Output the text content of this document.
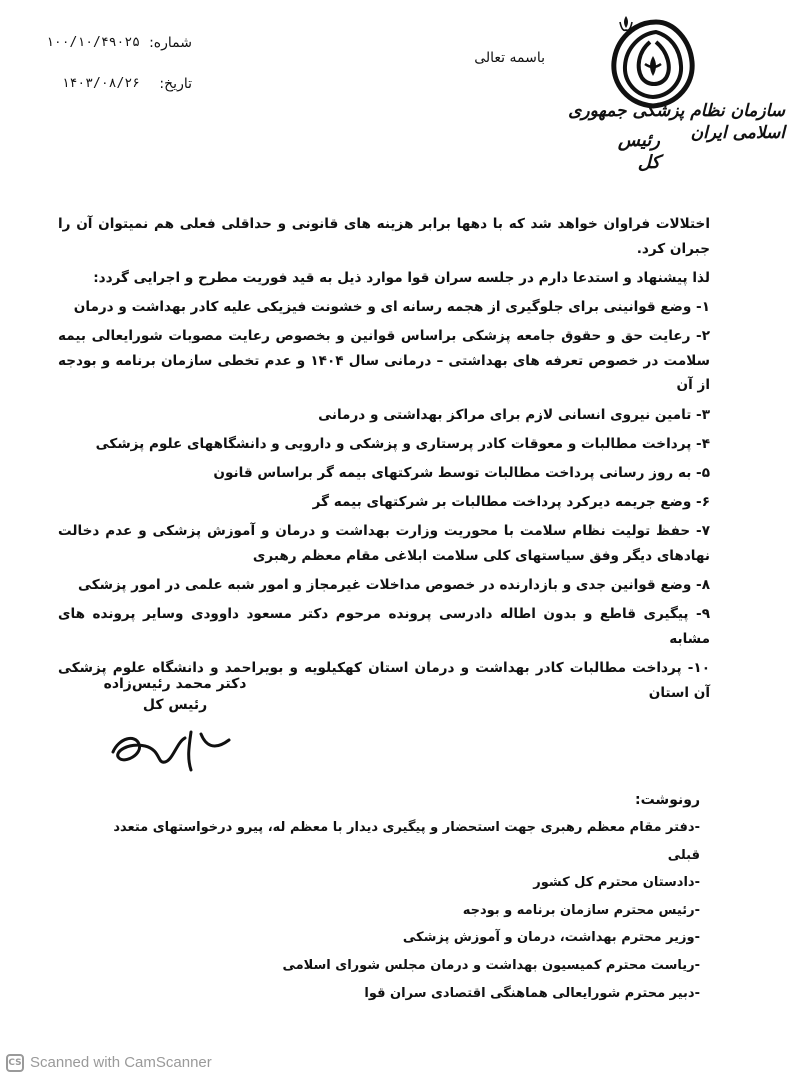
سازمان نظام پزشکی جمهوری اسلامی ایران
رئیس کل
باسمه تعالی
شماره:
۱۰۰/۱۰/۴۹۰۲۵
تاریخ:
۱۴۰۳/۰۸/۲۶

اختلالات فراوان خواهد شد که با دهها برابر هزینه های قانونی و حداقلی فعلی هم نمیتوان آن را جبران کرد.

لذا پیشنهاد و استدعا دارم در جلسه سران قوا موارد ذیل به قید فوریت مطرح و اجرایی گردد:

۱- وضع قوانینی برای جلوگیری از هجمه رسانه ای و خشونت فیزیکی علیه کادر بهداشت و درمان

۲- رعایت حق و حقوق جامعه پزشکی براساس قوانین و بخصوص رعایت مصوبات شورایعالی بیمه سلامت در خصوص تعرفه های بهداشتی – درمانی سال ۱۴۰۴ و عدم تخطی سازمان برنامه و بودجه از آن

۳- تامین نیروی انسانی لازم برای مراکز بهداشتی و درمانی

۴- پرداخت مطالبات و معوقات کادر پرستاری و پزشکی و دارویی و دانشگاههای علوم پزشکی

۵- به روز رسانی پرداخت مطالبات توسط شرکتهای بیمه گر براساس قانون

۶- وضع جریمه دیرکرد پرداخت مطالبات بر شرکتهای بیمه گر

۷- حفظ تولیت نظام سلامت با محوریت وزارت بهداشت و درمان و آموزش پزشکی و عدم دخالت نهادهای دیگر وفق سیاستهای کلی سلامت ابلاغی مقام معظم رهبری

۸- وضع قوانین جدی و بازدارنده در خصوص مداخلات غیرمجاز و امور شبه علمی در امور پزشکی

۹- پیگیری قاطع و بدون اطاله دادرسی پرونده مرحوم دکتر مسعود داوودی وسایر پرونده های مشابه

۱۰- پرداخت مطالبات کادر بهداشت و درمان استان کهکیلویه و بویراحمد و دانشگاه علوم پزشکی آن استان

دکتر محمد رئیس‌زاده
رئیس کل
رونوشت:
-دفتر مقام معظم رهبری جهت استحضار و پیگیری دیدار با معظم له، پیرو درخواستهای متعدد قبلی
-دادستان محترم کل کشور
-رئیس محترم سازمان برنامه و بودجه
-وزیر محترم بهداشت، درمان و آموزش پزشکی
-ریاست محترم کمیسیون بهداشت و درمان مجلس شورای اسلامی
-دبیر محترم شورایعالی هماهنگی اقتصادی سران قوا
CS Scanned with CamScanner
